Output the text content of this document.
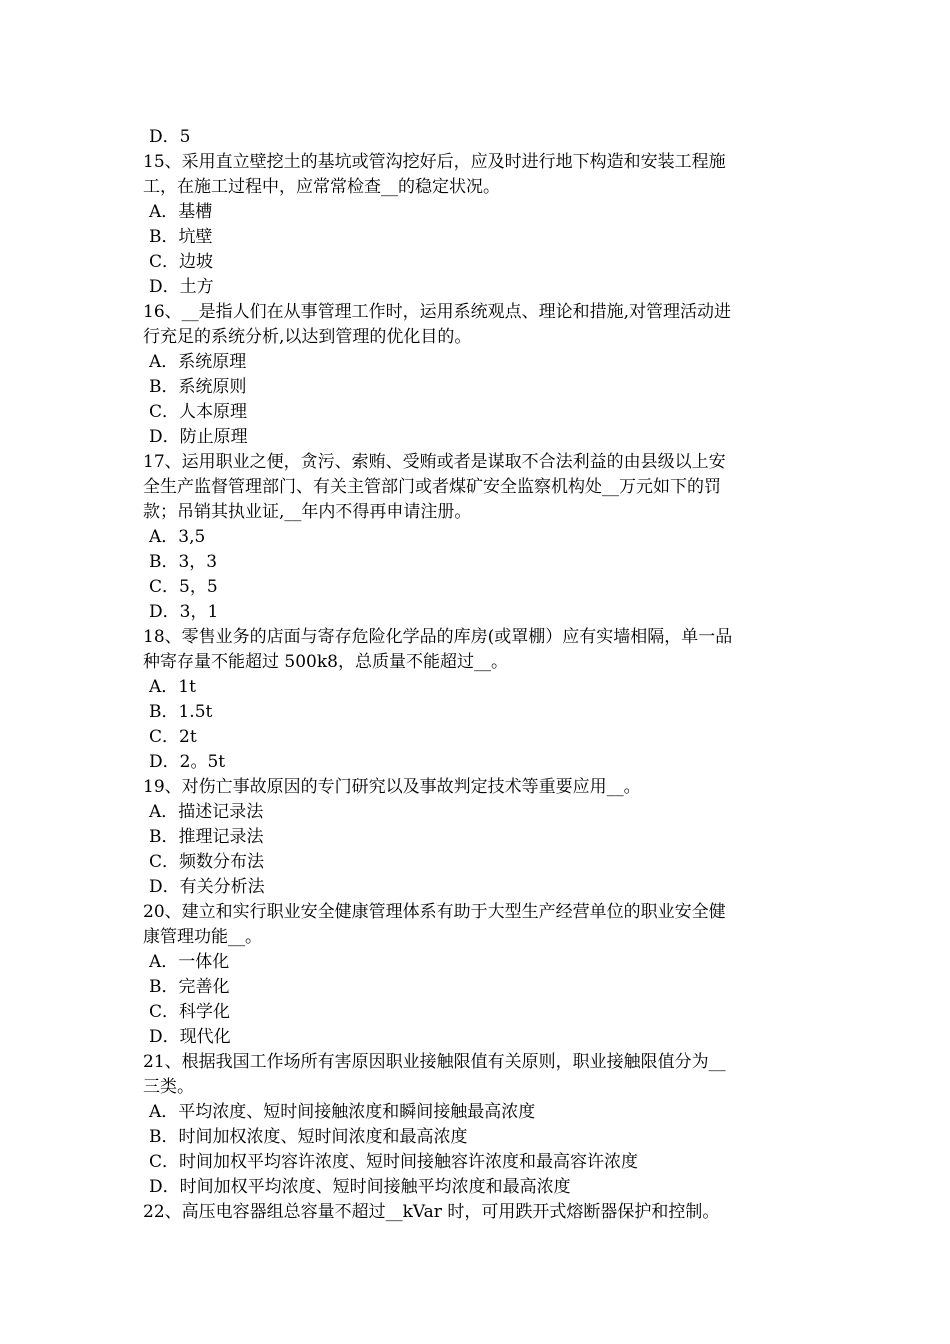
D．5
15、采用直立壁挖土的基坑或管沟挖好后，应及时进行地下构造和安装工程施
工，在施工过程中，应常常检查__的稳定状况。
A．基槽
B．坑壁
C．边坡
D．土方
16、__是指人们在从事管理工作时，运用系统观点、理论和措施,对管理活动进
行充足的系统分析,以达到管理的优化目的。
A．系统原理
B．系统原则
C．人本原理
D．防止原理
17、运用职业之便，贪污、索贿、受贿或者是谋取不合法利益的由县级以上安
全生产监督管理部门、有关主管部门或者煤矿安全监察机构处__万元如下的罚
款；吊销其执业证,__年内不得再申请注册。
A．3,5
B．3，3
C．5，5
D．3，1
18、零售业务的店面与寄存危险化学品的库房(或罩棚）应有实墙相隔，单一品
种寄存量不能超过 500k8，总质量不能超过__。
A．1t
B．1.5t
C．2t
D．2。5t
19、对伤亡事故原因的专门研究以及事故判定技术等重要应用__。
A．描述记录法
B．推理记录法
C．频数分布法
D．有关分析法
20、建立和实行职业安全健康管理体系有助于大型生产经营单位的职业安全健
康管理功能__。
A．一体化
B．完善化
C．科学化
D．现代化
21、根据我国工作场所有害原因职业接触限值有关原则，职业接触限值分为__
三类。
A．平均浓度、短时间接触浓度和瞬间接触最高浓度
B．时间加权浓度、短时间浓度和最高浓度
C．时间加权平均容许浓度、短时间接触容许浓度和最高容许浓度
D．时间加权平均浓度、短时间接触平均浓度和最高浓度
22、高压电容器组总容量不超过__kVar 时，可用跌开式熔断器保护和控制。
